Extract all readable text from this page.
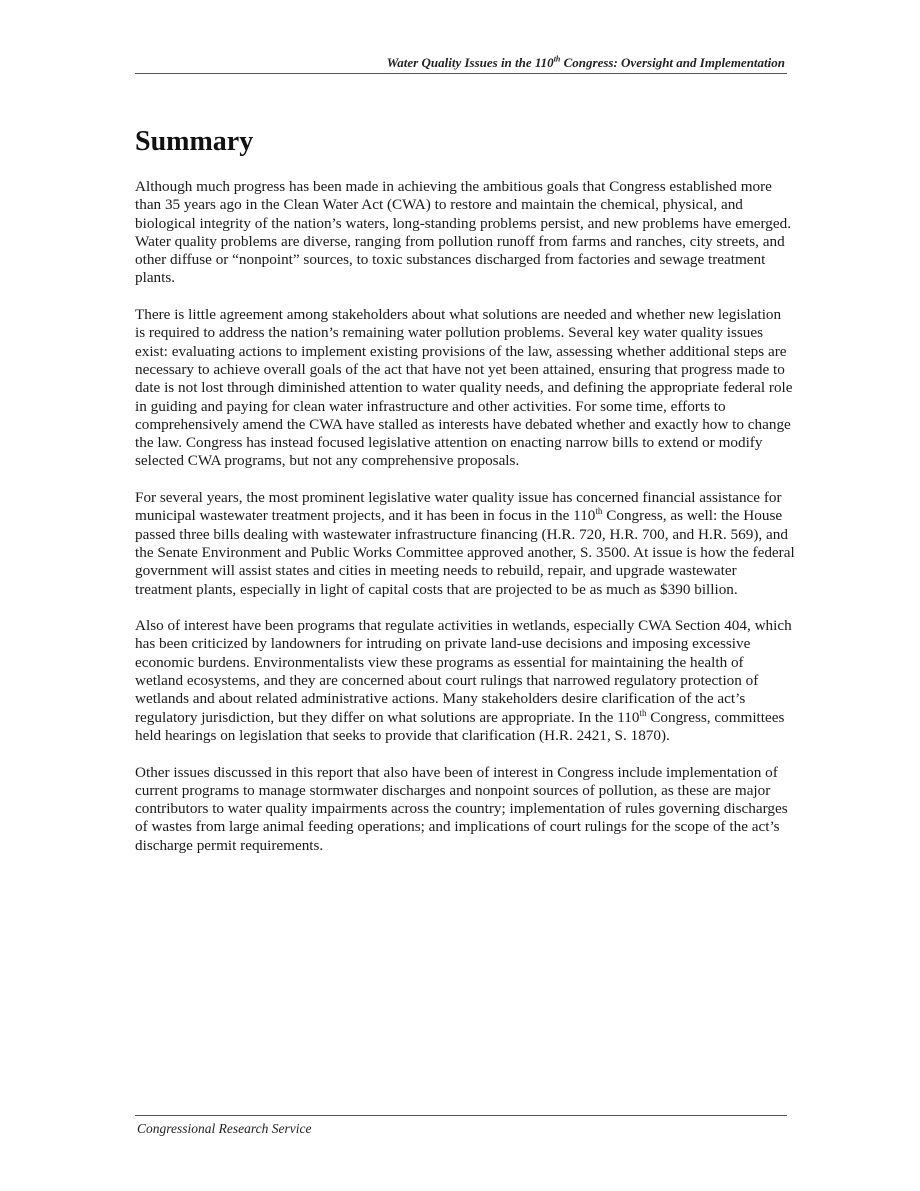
Water Quality Issues in the 110th Congress: Oversight and Implementation
Summary

Although much progress has been made in achieving the ambitious goals that Congress established more than 35 years ago in the Clean Water Act (CWA) to restore and maintain the chemical, physical, and biological integrity of the nation’s waters, long-standing problems persist, and new problems have emerged. Water quality problems are diverse, ranging from pollution runoff from farms and ranches, city streets, and other diffuse or “nonpoint” sources, to toxic substances discharged from factories and sewage treatment plants.

There is little agreement among stakeholders about what solutions are needed and whether new legislation is required to address the nation’s remaining water pollution problems. Several key water quality issues exist: evaluating actions to implement existing provisions of the law, assessing whether additional steps are necessary to achieve overall goals of the act that have not yet been attained, ensuring that progress made to date is not lost through diminished attention to water quality needs, and defining the appropriate federal role in guiding and paying for clean water infrastructure and other activities. For some time, efforts to comprehensively amend the CWA have stalled as interests have debated whether and exactly how to change the law. Congress has instead focused legislative attention on enacting narrow bills to extend or modify selected CWA programs, but not any comprehensive proposals.

For several years, the most prominent legislative water quality issue has concerned financial assistance for municipal wastewater treatment projects, and it has been in focus in the 110th Congress, as well: the House passed three bills dealing with wastewater infrastructure financing (H.R. 720, H.R. 700, and H.R. 569), and the Senate Environment and Public Works Committee approved another, S. 3500. At issue is how the federal government will assist states and cities in meeting needs to rebuild, repair, and upgrade wastewater treatment plants, especially in light of capital costs that are projected to be as much as $390 billion.

Also of interest have been programs that regulate activities in wetlands, especially CWA Section 404, which has been criticized by landowners for intruding on private land-use decisions and imposing excessive economic burdens. Environmentalists view these programs as essential for maintaining the health of wetland ecosystems, and they are concerned about court rulings that narrowed regulatory protection of wetlands and about related administrative actions. Many stakeholders desire clarification of the act’s regulatory jurisdiction, but they differ on what solutions are appropriate. In the 110th Congress, committees held hearings on legislation that seeks to provide that clarification (H.R. 2421, S. 1870).

Other issues discussed in this report that also have been of interest in Congress include implementation of current programs to manage stormwater discharges and nonpoint sources of pollution, as these are major contributors to water quality impairments across the country; implementation of rules governing discharges of wastes from large animal feeding operations; and implications of court rulings for the scope of the act’s discharge permit requirements.

Congressional Research Service
